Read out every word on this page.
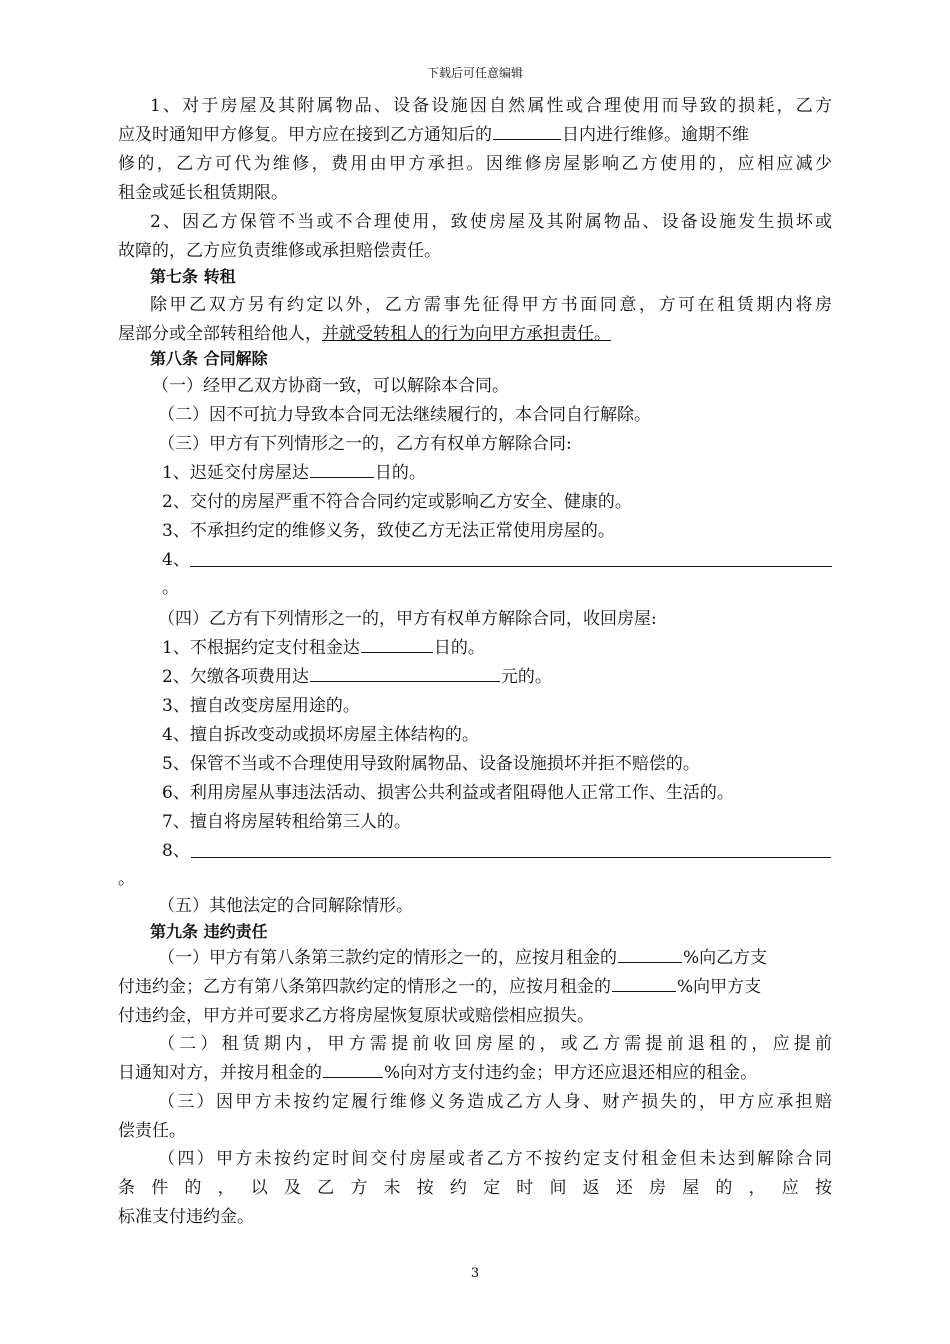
下载后可任意编辑
1、对于房屋及其附属物品、设备设施因自然属性或合理使用而导致的损耗，乙方
应及时通知甲方修复。甲方应在接到乙方通知后的	日内进行维修。逾期不维
修的，乙方可代为维修，费用由甲方承担。因维修房屋影响乙方使用的，应相应减少
租金或延长租赁期限。
2、因乙方保管不当或不合理使用，致使房屋及其附属物品、设备设施发生损坏或
故障的，乙方应负责维修或承担赔偿责任。
第七条 转租
除甲乙双方另有约定以外，乙方需事先征得甲方书面同意，方可在租赁期内将房
屋部分或全部转租给他人，并就受转租人的行为向甲方承担责任。
第八条 合同解除
（一）经甲乙双方协商一致，可以解除本合同。
（二）因不可抗力导致本合同无法继续履行的，本合同自行解除。
（三）甲方有下列情形之一的，乙方有权单方解除合同:
1、迟延交付房屋达	日的。
2、交付的房屋严重不符合合同约定或影响乙方安全、健康的。
3、不承担约定的维修义务，致使乙方无法正常使用房屋的。
4、
。
（四）乙方有下列情形之一的，甲方有权单方解除合同，收回房屋:
1、不根据约定支付租金达	日的。
2、欠缴各项费用达	元的。
3、擅自改变房屋用途的。
4、擅自拆改变动或损坏房屋主体结构的。
5、保管不当或不合理使用导致附属物品、设备设施损坏并拒不赔偿的。
6、利用房屋从事违法活动、损害公共利益或者阻碍他人正常工作、生活的。
7、擅自将房屋转租给第三人的。
8、
。
（五）其他法定的合同解除情形。
第九条 违约责任
（一）甲方有第八条第三款约定的情形之一的，应按月租金的	%向乙方支
付违约金；乙方有第八条第四款约定的情形之一的，应按月租金的	%向甲方支
付违约金，甲方并可要求乙方将房屋恢复原状或赔偿相应损失。
（二）租赁期内，甲方需提前收回房屋的，或乙方需提前退租的，应提前
日通知对方，并按月租金的	%向对方支付违约金；甲方还应退还相应的租金。
（三）因甲方未按约定履行维修义务造成乙方人身、财产损失的，甲方应承担赔
偿责任。
（四）甲方未按约定时间交付房屋或者乙方不按约定支付租金但未达到解除合同
条件的，以及乙方未按约定时间返还房屋的，应按
标准支付违约金。
3
